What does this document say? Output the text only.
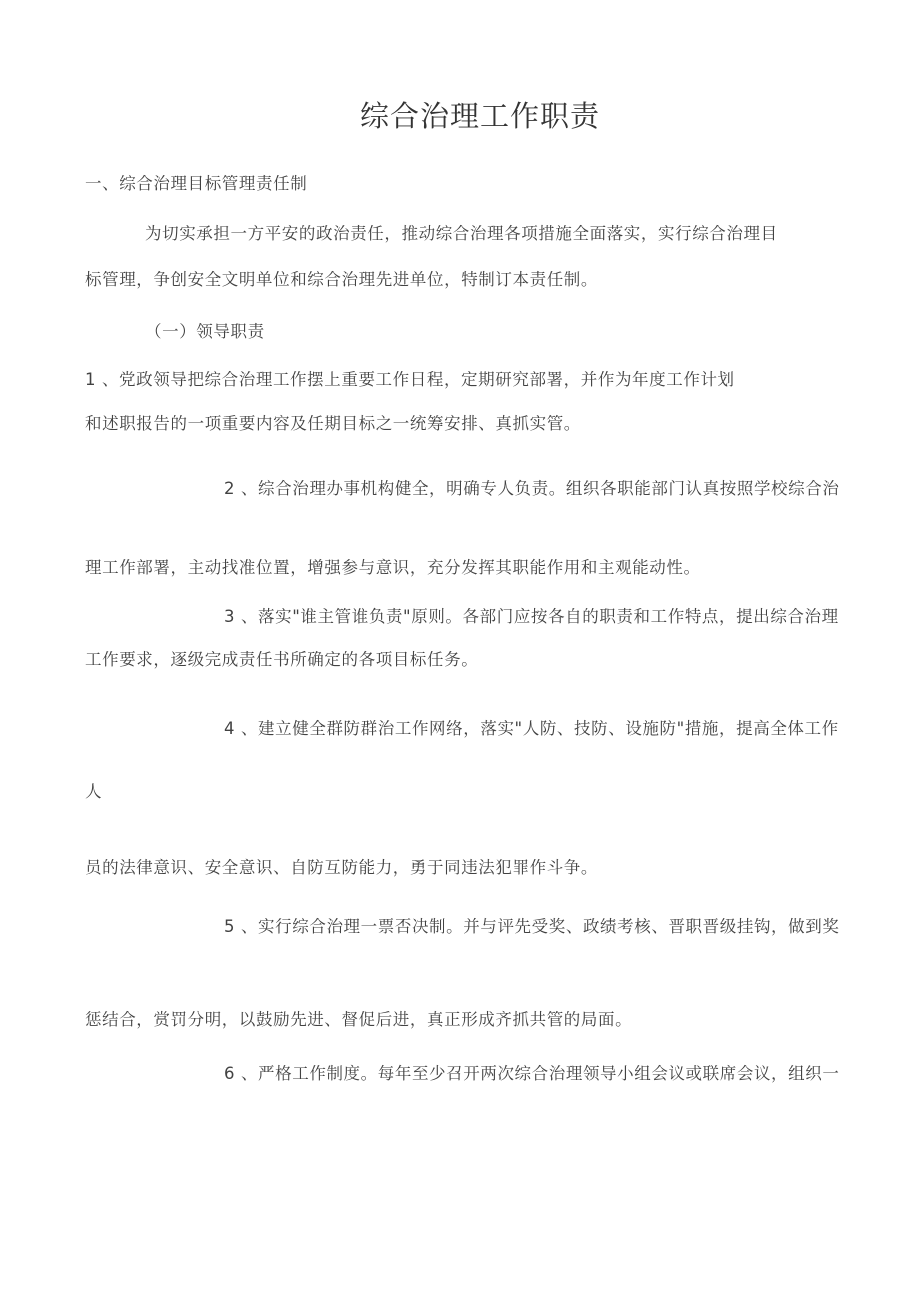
综合治理工作职责
一、综合治理目标管理责任制
为切实承担一方平安的政治责任，推动综合治理各项措施全面落实，实行综合治理目
标管理，争创安全文明单位和综合治理先进单位，特制订本责任制。
（一）领导职责
1 、党政领导把综合治理工作摆上重要工作日程，定期研究部署，并作为年度工作计划
和述职报告的一项重要内容及任期目标之一统筹安排、真抓实管。
2 、综合治理办事机构健全，明确专人负责。组织各职能部门认真按照学校综合治
理工作部署，主动找准位置，增强参与意识，充分发挥其职能作用和主观能动性。
3 、落实"谁主管谁负责"原则。各部门应按各自的职责和工作特点，提出综合治理
工作要求，逐级完成责任书所确定的各项目标任务。
4 、建立健全群防群治工作网络，落实"人防、技防、设施防"措施，提高全体工作
人
员的法律意识、安全意识、自防互防能力，勇于同违法犯罪作斗争。
5 、实行综合治理一票否决制。并与评先受奖、政绩考核、晋职晋级挂钩，做到奖
惩结合，赏罚分明，以鼓励先进、督促后进，真正形成齐抓共管的局面。
6 、严格工作制度。每年至少召开两次综合治理领导小组会议或联席会议，组织一
